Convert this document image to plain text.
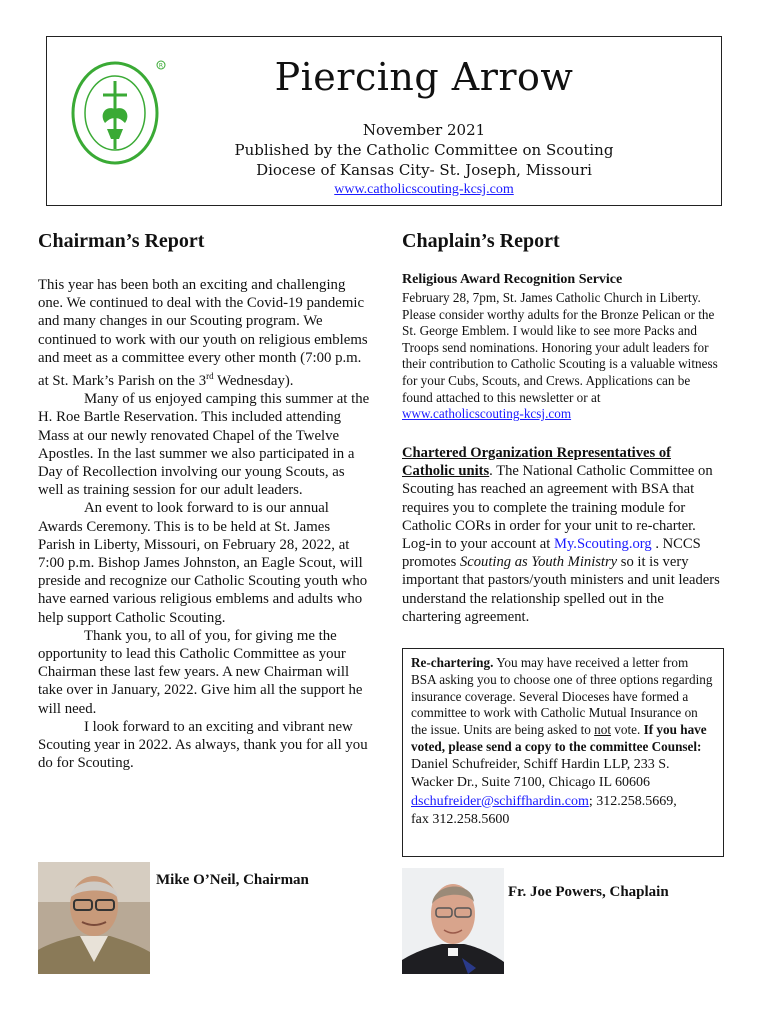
R	Piercing Arrow
November 2021
Published by the Catholic Committee on Scouting
Diocese of Kansas City- St. Joseph, Missouri
www.catholicscouting-kcsj.com
Chairman’s Report

This year has been both an exciting and challenging one. We continued to deal with the Covid-19 pandemic and many changes in our Scouting program. We continued to work with our youth on religious emblems and meet as a committee every other month (7:00 p.m. at St. Mark’s Parish on the 3rd Wednesday).

Many of us enjoyed camping this summer at the H. Roe Bartle Reservation. This included attending Mass at our newly renovated Chapel of the Twelve Apostles. In the last summer we also participated in a Day of Recollection involving our young Scouts, as well as training session for our adult leaders.

An event to look forward to is our annual Awards Ceremony. This is to be held at St. James Parish in Liberty, Missouri, on February 28, 2022, at 7:00 p.m. Bishop James Johnston, an Eagle Scout, will preside and recognize our Catholic Scouting youth who have earned various religious emblems and adults who help support Catholic Scouting.

Thank you, to all of you, for giving me the opportunity to lead this Catholic Committee as your Chairman these last few years. A new Chairman will take over in January, 2022. Give him all the support he will need.

I look forward to an exciting and vibrant new Scouting year in 2022. As always, thank you for all you do for Scouting.

Mike O’Neil, Chairman
Chaplain’s Report
Religious Award Recognition Service

February 28, 7pm, St. James Catholic Church in Liberty. Please consider worthy adults for the Bronze Pelican or the St. George Emblem. I would like to see more Packs and Troops send nominations. Honoring your adult leaders for their contribution to Catholic Scouting is a valuable witness for your Cubs, Scouts, and Crews. Applications can be found attached to this newsletter or at www.catholicscouting-kcsj.com

Chartered Organization Representatives of Catholic units. The National Catholic Committee on Scouting has reached an agreement with BSA that requires you to complete the training module for Catholic CORs in order for your unit to re-charter. Log-in to your account at My.Scouting.org . NCCS promotes Scouting as Youth Ministry so it is very important that pastors/youth ministers and unit leaders understand the relationship spelled out in the chartering agreement.

Re-chartering. You may have received a letter from BSA asking you to choose one of three options regarding insurance coverage. Several Dioceses have formed a committee to work with Catholic Mutual Insurance on the issue. Units are being asked to not vote. If you have voted, please send a copy to the committee Counsel:

Daniel Schufreider, Schiff Hardin LLP, 233 S. Wacker Dr., Suite 7100, Chicago IL 60606
dschufreider@schiffhardin.com; 312.258.5669,
fax 312.258.5600

Fr. Joe Powers, Chaplain
